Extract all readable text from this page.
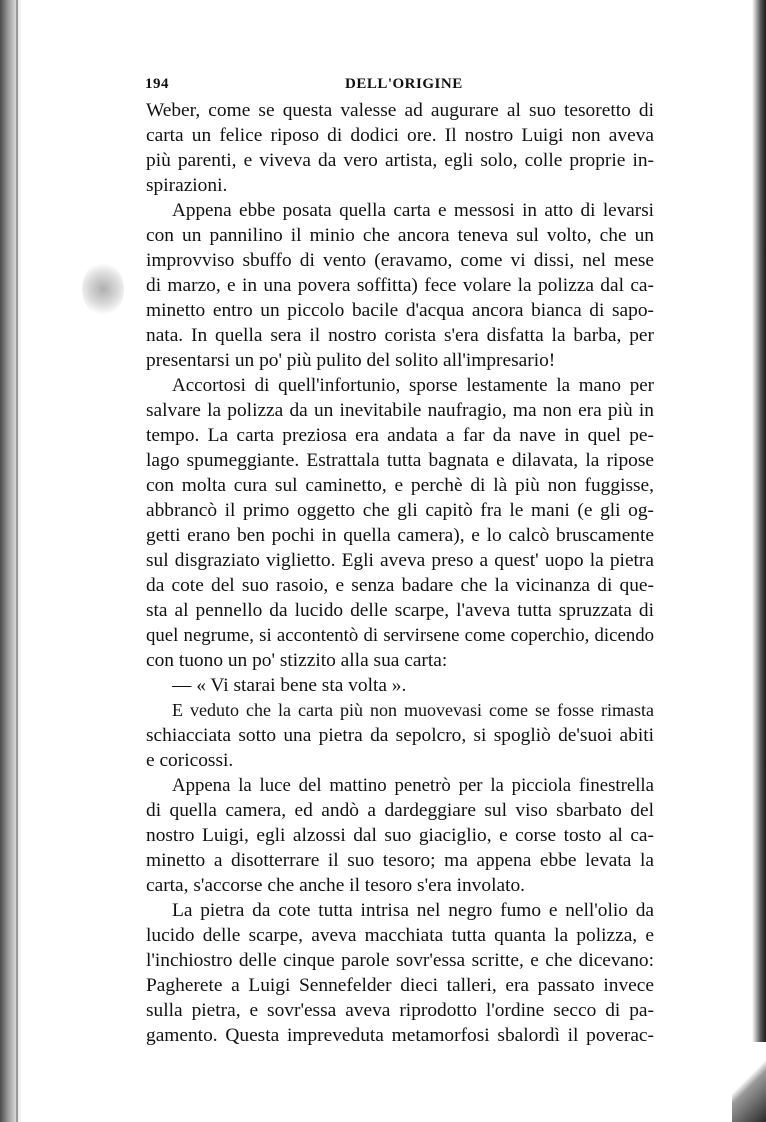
194	DELL'ORIGINE
Weber, come se questa valesse ad augurare al suo tesoretto di
carta un felice riposo di dodici ore. Il nostro Luigi non aveva
più parenti, e viveva da vero artista, egli solo, colle proprie in-
spirazioni.
Appena ebbe posata quella carta e messosi in atto di levarsi
con un pannilino il minio che ancora teneva sul volto, che un
improvviso sbuffo di vento (eravamo, come vi dissi, nel mese
di marzo, e in una povera soffitta) fece volare la polizza dal ca-
minetto entro un piccolo bacile d'acqua ancora bianca di sapo-
nata. In quella sera il nostro corista s'era disfatta la barba, per
presentarsi un po' più pulito del solito all'impresario!
Accortosi di quell'infortunio, sporse lestamente la mano per
salvare la polizza da un inevitabile naufragio, ma non era più in
tempo. La carta preziosa era andata a far da nave in quel pe-
lago spumeggiante. Estrattala tutta bagnata e dilavata, la ripose
con molta cura sul caminetto, e perchè di là più non fuggisse,
abbrancò il primo oggetto che gli capitò fra le mani (e gli og-
getti erano ben pochi in quella camera), e lo calcò bruscamente
sul disgraziato viglietto. Egli aveva preso a quest' uopo la pietra
da cote del suo rasoio, e senza badare che la vicinanza di que-
sta al pennello da lucido delle scarpe, l'aveva tutta spruzzata di
quel negrume, si accontentò di servirsene come coperchio, dicendo
con tuono un po' stizzito alla sua carta:
— « Vi starai bene sta volta ».
E veduto che la carta più non muovevasi come se fosse rimasta
schiacciata sotto una pietra da sepolcro, si spogliò de'suoi abiti
e coricossi.
Appena la luce del mattino penetrò per la picciola finestrella
di quella camera, ed andò a dardeggiare sul viso sbarbato del
nostro Luigi, egli alzossi dal suo giaciglio, e corse tosto al ca-
minetto a disotterrare il suo tesoro; ma appena ebbe levata la
carta, s'accorse che anche il tesoro s'era involato.
La pietra da cote tutta intrisa nel negro fumo e nell'olio da
lucido delle scarpe, aveva macchiata tutta quanta la polizza, e
l'inchiostro delle cinque parole sovr'essa scritte, e che dicevano:
Pagherete a Luigi Sennefelder dieci talleri, era passato invece
sulla pietra, e sovr'essa aveva riprodotto l'ordine secco di pa-
gamento. Questa impreveduta metamorfosi sbalordì il poverac-
